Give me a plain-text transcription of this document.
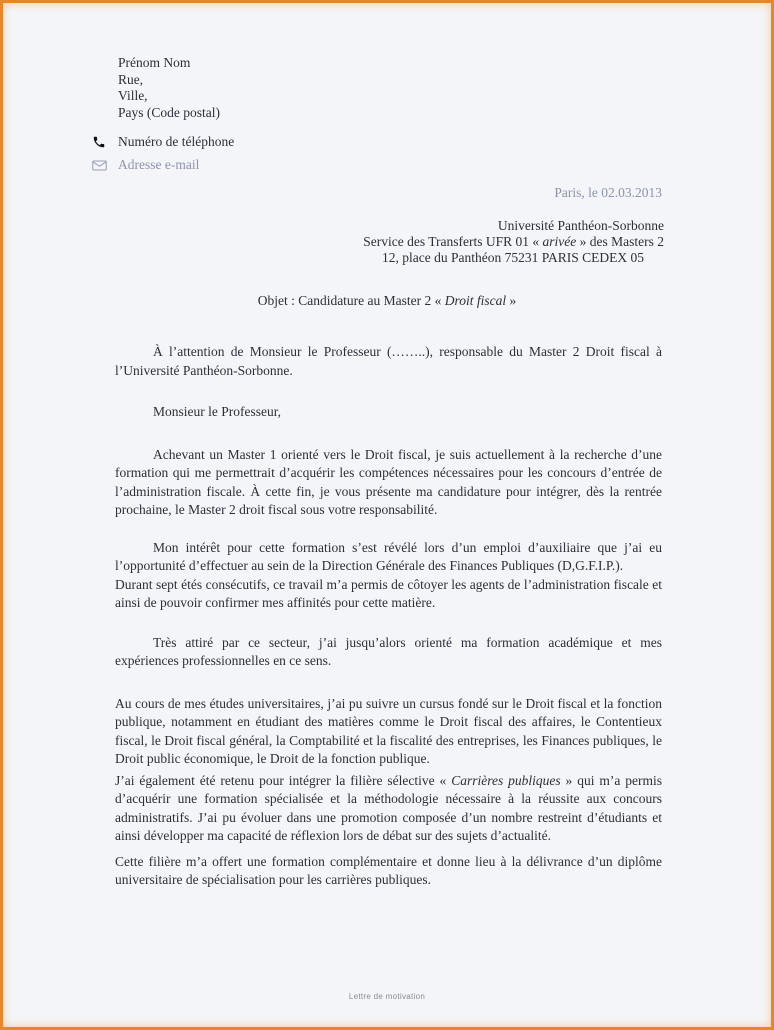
Prénom Nom
Rue,
Ville,
Pays (Code postal)
Numéro de téléphone
Adresse e-mail
Paris, le 02.03.2013
Université Panthéon-Sorbonne
Service des Transferts UFR 01 « arivée » des Masters 2
12, place du Panthéon 75231 PARIS CEDEX 05
Objet : Candidature au Master 2 « Droit fiscal »

À l’attention de Monsieur le Professeur (……..), responsable du Master 2 Droit fiscal à l’Université Panthéon-Sorbonne.

Monsieur le Professeur,

Achevant un Master 1 orienté vers le Droit fiscal, je suis actuellement à la recherche d’une formation qui me permettrait d’acquérir les compétences nécessaires pour les concours d’entrée de l’administration fiscale. À cette fin, je vous présente ma candidature pour intégrer, dès la rentrée prochaine, le Master 2 droit fiscal sous votre responsabilité.

Mon intérêt pour cette formation s’est révélé lors d’un emploi d’auxiliaire que j’ai eu l’opportunité d’effectuer au sein de la Direction Générale des Finances Publiques (D,G.F.I.P.).
Durant sept étés consécutifs, ce travail m’a permis de côtoyer les agents de l’administration fiscale et ainsi de pouvoir confirmer mes affinités pour cette matière.

Très attiré par ce secteur, j’ai jusqu’alors orienté ma formation académique et mes expériences professionnelles en ce sens.

Au cours de mes études universitaires, j’ai pu suivre un cursus fondé sur le Droit fiscal et la fonction publique, notamment en étudiant des matières comme le Droit fiscal des affaires, le Contentieux fiscal, le Droit fiscal général, la Comptabilité et la fiscalité des entreprises, les Finances publiques, le Droit public économique, le Droit de la fonction publique.

J’ai également été retenu pour intégrer la filière sélective « Carrières publiques » qui m’a permis d’acquérir une formation spécialisée et la méthodologie nécessaire à la réussite aux concours administratifs. J’ai pu évoluer dans une promotion composée d’un nombre restreint d’étudiants et ainsi développer ma capacité de réflexion lors de débat sur des sujets d’actualité.

Cette filière m’a offert une formation complémentaire et donne lieu à la délivrance d’un diplôme universitaire de spécialisation pour les carrières publiques.

Lettre de motivation
